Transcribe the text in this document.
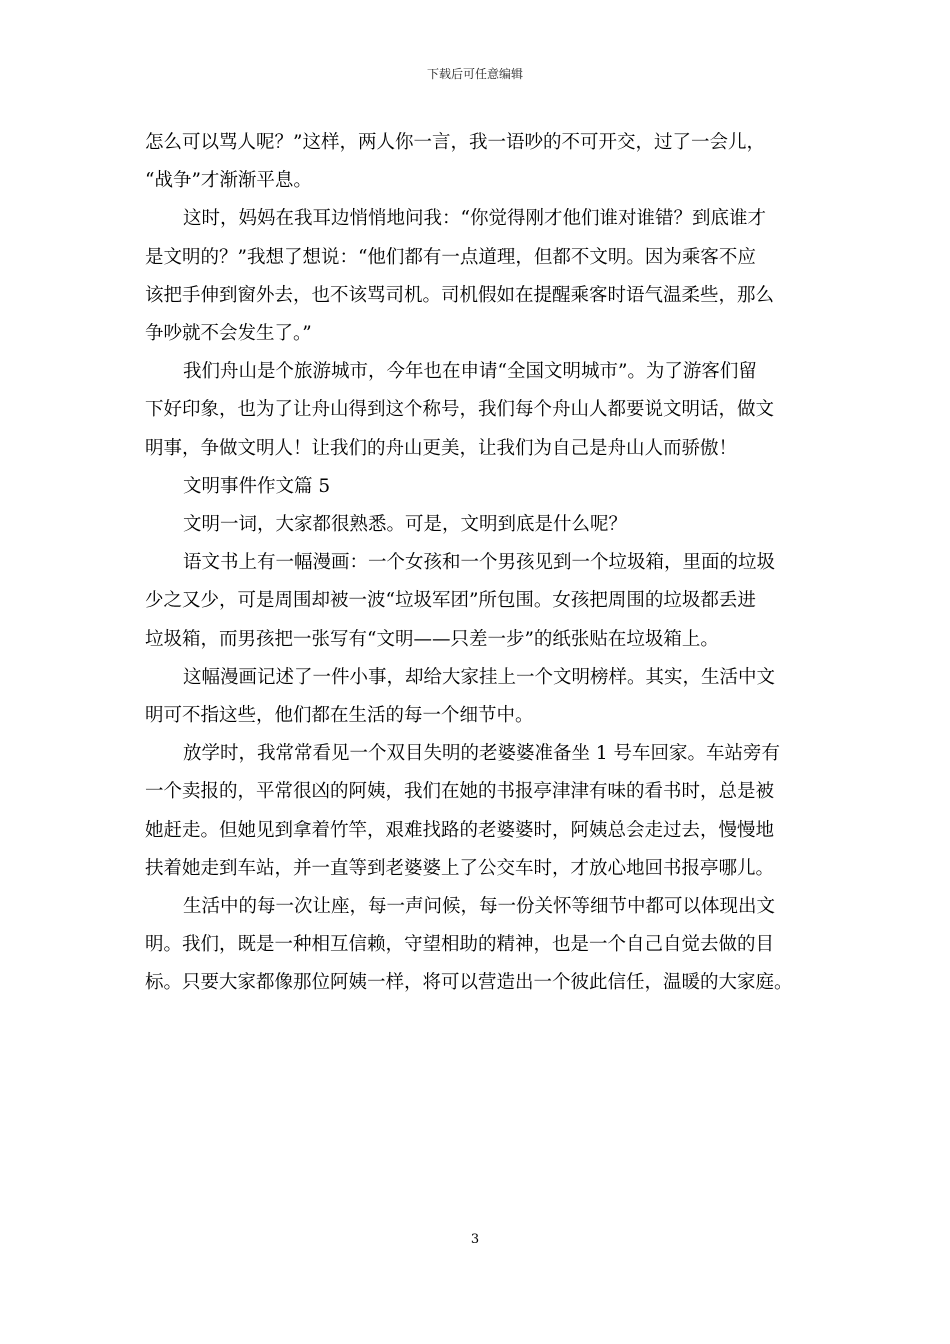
下载后可任意编辑
怎么可以骂人呢？”这样，两人你一言，我一语吵的不可开交，过了一会儿，
“战争”才渐渐平息。
这时，妈妈在我耳边悄悄地问我：“你觉得刚才他们谁对谁错？到底谁才
是文明的？”我想了想说：“他们都有一点道理，但都不文明。因为乘客不应
该把手伸到窗外去，也不该骂司机。司机假如在提醒乘客时语气温柔些，那么
争吵就不会发生了。”
我们舟山是个旅游城市，今年也在申请“全国文明城市”。为了游客们留
下好印象，也为了让舟山得到这个称号，我们每个舟山人都要说文明话，做文
明事，争做文明人！让我们的舟山更美，让我们为自己是舟山人而骄傲！
文明事件作文篇 5
文明一词，大家都很熟悉。可是，文明到底是什么呢？
语文书上有一幅漫画：一个女孩和一个男孩见到一个垃圾箱，里面的垃圾
少之又少，可是周围却被一波“垃圾军团”所包围。女孩把周围的垃圾都丢进
垃圾箱，而男孩把一张写有“文明——只差一步”的纸张贴在垃圾箱上。
这幅漫画记述了一件小事，却给大家挂上一个文明榜样。其实，生活中文
明可不指这些，他们都在生活的每一个细节中。
放学时，我常常看见一个双目失明的老婆婆准备坐 1 号车回家。车站旁有
一个卖报的，平常很凶的阿姨，我们在她的书报亭津津有味的看书时，总是被
她赶走。但她见到拿着竹竿，艰难找路的老婆婆时，阿姨总会走过去，慢慢地
扶着她走到车站，并一直等到老婆婆上了公交车时，才放心地回书报亭哪儿。
生活中的每一次让座，每一声问候，每一份关怀等细节中都可以体现出文
明。我们，既是一种相互信赖，守望相助的精神，也是一个自己自觉去做的目
标。只要大家都像那位阿姨一样，将可以营造出一个彼此信任，温暖的大家庭。
3
